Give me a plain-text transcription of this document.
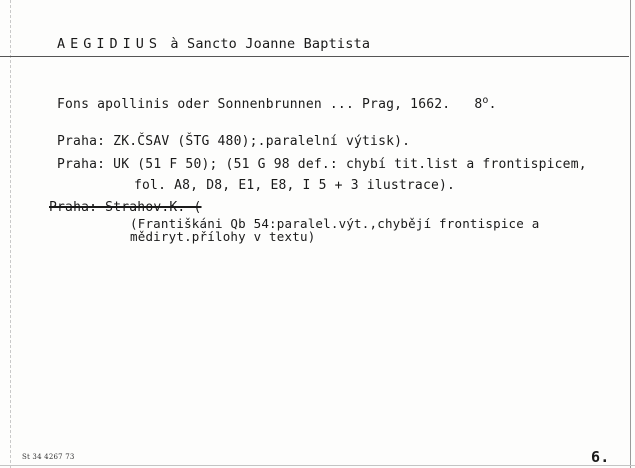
AEGIDIUS à Sancto Joanne Baptista
Fons apollinis oder Sonnenbrunnen ... Prag, 1662.   8$^o$.
Praha: ZK.ČSAV (ŠTG 480);.paralelní výtisk).
Praha: UK (51 F 50); (51 G 98 def.: chybí tit.list a frontispicem,
fol. A8, D8, E1, E8, I 5 + 3 ilustrace).
Praha: Strahov.K. (
(Františkáni Qb 54:paralel.výt.,chybějí frontispice a
mědiryt.přílohy v textu)
St 34 4267 73	6.
